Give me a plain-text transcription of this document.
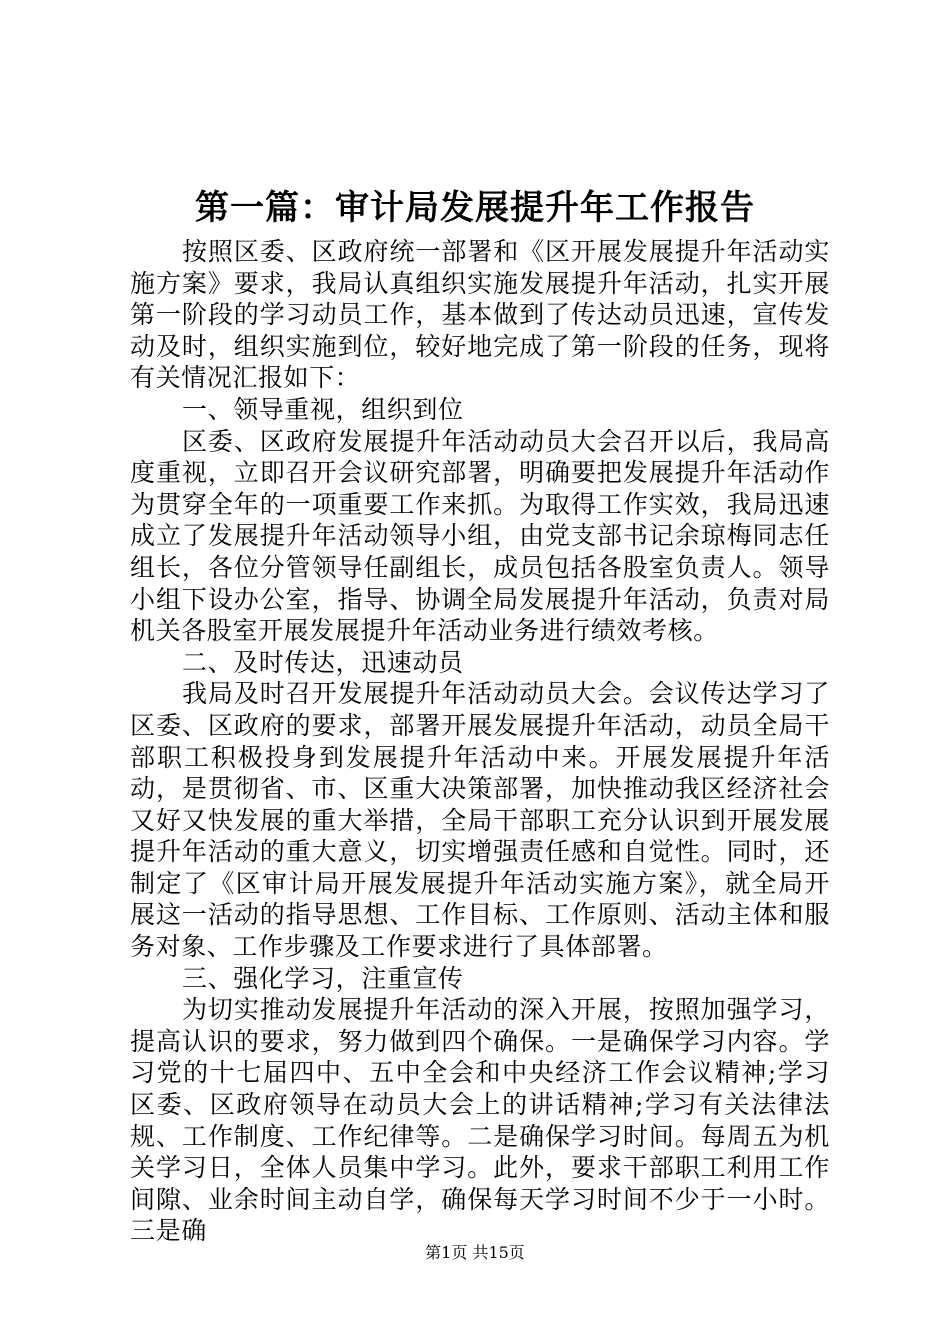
第一篇：审计局发展提升年工作报告

按照区委、区政府统一部署和《区开展发展提升年活动实施方案》要求，我局认真组织实施发展提升年活动，扎实开展第一阶段的学习动员工作，基本做到了传达动员迅速，宣传发动及时，组织实施到位，较好地完成了第一阶段的任务，现将有关情况汇报如下：

一、领导重视，组织到位

区委、区政府发展提升年活动动员大会召开以后，我局高度重视，立即召开会议研究部署，明确要把发展提升年活动作为贯穿全年的一项重要工作来抓。为取得工作实效，我局迅速成立了发展提升年活动领导小组，由党支部书记余琼梅同志任组长，各位分管领导任副组长，成员包括各股室负责人。领导小组下设办公室，指导、协调全局发展提升年活动，负责对局机关各股室开展发展提升年活动业务进行绩效考核。

二、及时传达，迅速动员

我局及时召开发展提升年活动动员大会。会议传达学习了区委、区政府的要求，部署开展发展提升年活动，动员全局干部职工积极投身到发展提升年活动中来。开展发展提升年活动，是贯彻省、市、区重大决策部署，加快推动我区经济社会又好又快发展的重大举措，全局干部职工充分认识到开展发展提升年活动的重大意义，切实增强责任感和自觉性。同时，还制定了《区审计局开展发展提升年活动实施方案》，就全局开展这一活动的指导思想、工作目标、工作原则、活动主体和服务对象、工作步骤及工作要求进行了具体部署。

三、强化学习，注重宣传

为切实推动发展提升年活动的深入开展，按照加强学习，提高认识的要求，努力做到四个确保。一是确保学习内容。学习党的十七届四中、五中全会和中央经济工作会议精神;学习区委、区政府领导在动员大会上的讲话精神;学习有关法律法规、工作制度、工作纪律等。二是确保学习时间。每周五为机关学习日，全体人员集中学习。此外，要求干部职工利用工作间隙、业余时间主动自学，确保每天学习时间不少于一小时。三是确

第1页 共15页
